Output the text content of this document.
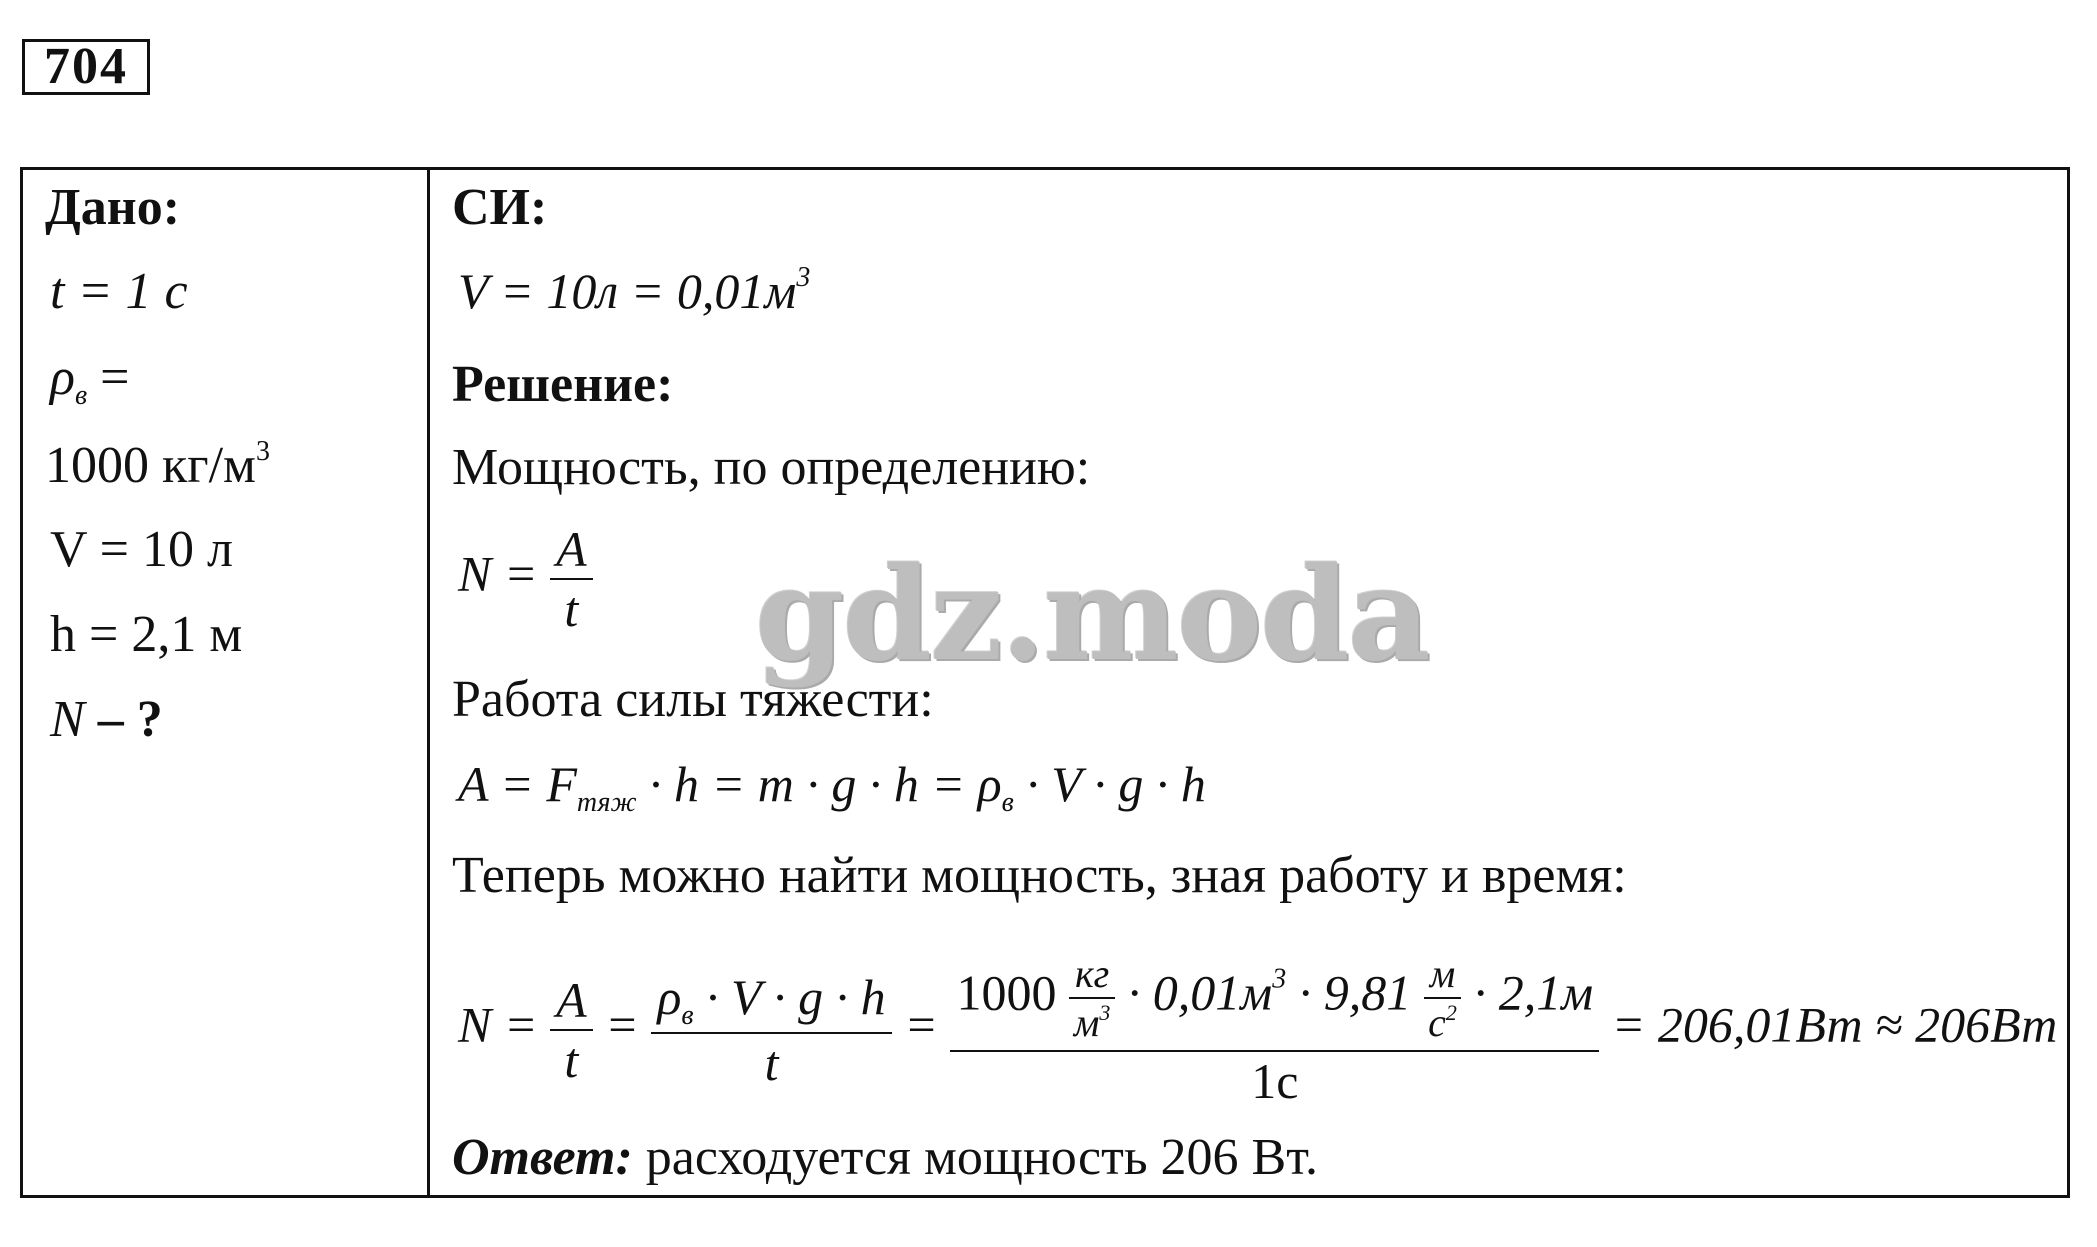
704
Дано:
t = 1 с
$\rho_в$ =
1000 $кг/м^3$
V = 10 л
h = 2,1 м
N – ?
СИ:
$V = 10л = 0,01м^3$
Решение:
Мощность, по определению:
$N = \frac{A}{t}$
Работа силы тяжести:
$A = F_{тяж} \cdot h = m \cdot g \cdot h = \rho_в \cdot V \cdot g \cdot h$
Теперь можно найти мощность, зная работу и время:
$N = \frac{A}{t} = \frac{\rho_в \cdot V \cdot g \cdot h}{t}$ =
$1000 \frac{кг}{м^3} \cdot 0,01м^3 \cdot 9,81 \frac{м}{с^2} \cdot 2,1м$
1с
= 206,01Вт ≈ 206Вт
Ответ: расходуется мощность 206 Вт.
gdz.moda
